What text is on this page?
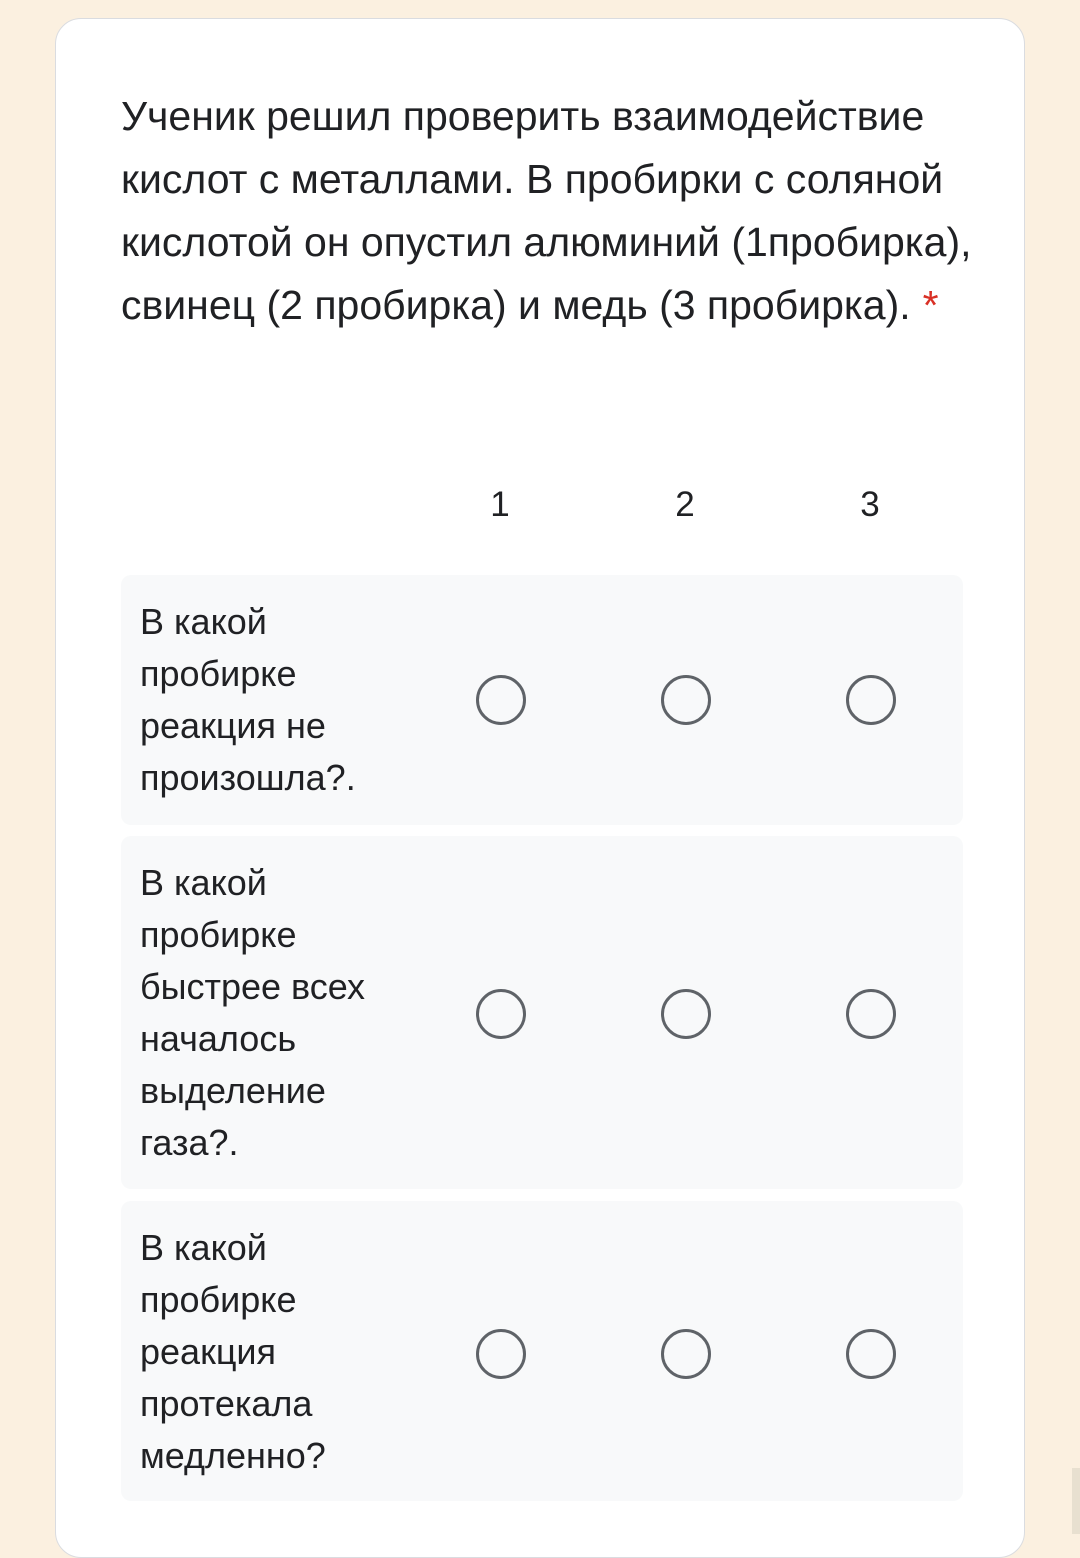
Ученик решил проверить взаимодействие кислот с металлами. В пробирки с соляной кислотой он опустил алюминий (1пробирка), свинец (2 пробирка) и медь (3 пробирка). *
1	2	3
В какой пробирке реакция не произошла?.
В какой пробирке быстрее всех началось выделение газа?.
В какой пробирке реакция протекала медленно?
